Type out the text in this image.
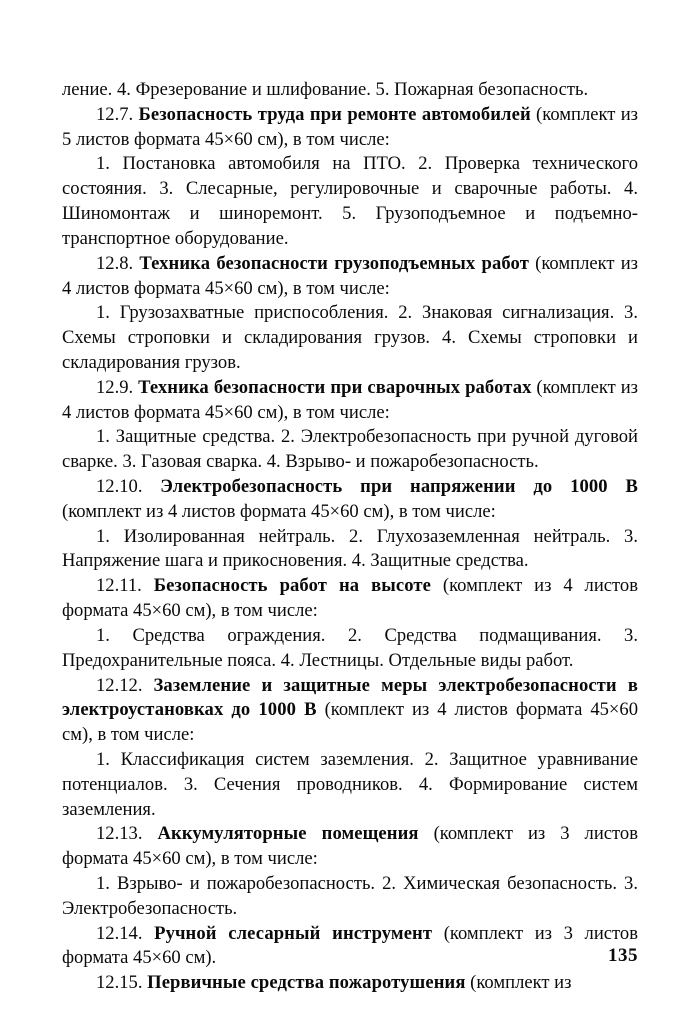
ление. 4. Фрезерование и шлифование. 5. Пожарная безопасность.

12.7. Безопасность труда при ремонте автомобилей (комплект из 5 листов формата 45×60 см), в том числе:

1. Постановка автомобиля на ПТО. 2. Проверка технического состояния. 3. Слесарные, регулировочные и сварочные работы. 4. Шиномонтаж и шиноремонт. 5. Грузоподъемное и подъемно-транспортное оборудование.

12.8. Техника безопасности грузоподъемных работ (комплект из 4 листов формата 45×60 см), в том числе:

1. Грузозахватные приспособления. 2. Знаковая сигнализация. 3. Схемы строповки и складирования грузов. 4. Схемы строповки и складирования грузов.

12.9. Техника безопасности при сварочных работах (комплект из 4 листов формата 45×60 см), в том числе:

1. Защитные средства. 2. Электробезопасность при ручной дуговой сварке. 3. Газовая сварка. 4. Взрыво- и пожаробезопасность.

12.10. Электробезопасность при напряжении до 1000 В (комплект из 4 листов формата 45×60 см), в том числе:

1. Изолированная нейтраль. 2. Глухозаземленная нейтраль. 3. Напряжение шага и прикосновения. 4. Защитные средства.

12.11. Безопасность работ на высоте (комплект из 4 листов формата 45×60 см), в том числе:

1. Средства ограждения. 2. Средства подмащивания. 3. Предохранительные пояса. 4. Лестницы. Отдельные виды работ.

12.12. Заземление и защитные меры электробезопасности в электроустановках до 1000 В (комплект из 4 листов формата 45×60 см), в том числе:

1. Классификация систем заземления. 2. Защитное уравнивание потенциалов. 3. Сечения проводников. 4. Формирование систем заземления.

12.13. Аккумуляторные помещения (комплект из 3 листов формата 45×60 см), в том числе:

1. Взрыво- и пожаробезопасность. 2. Химическая безопасность. 3. Электробезопасность.

12.14. Ручной слесарный инструмент (комплект из 3 листов формата 45×60 см).

12.15. Первичные средства пожаротушения (комплект из

135
